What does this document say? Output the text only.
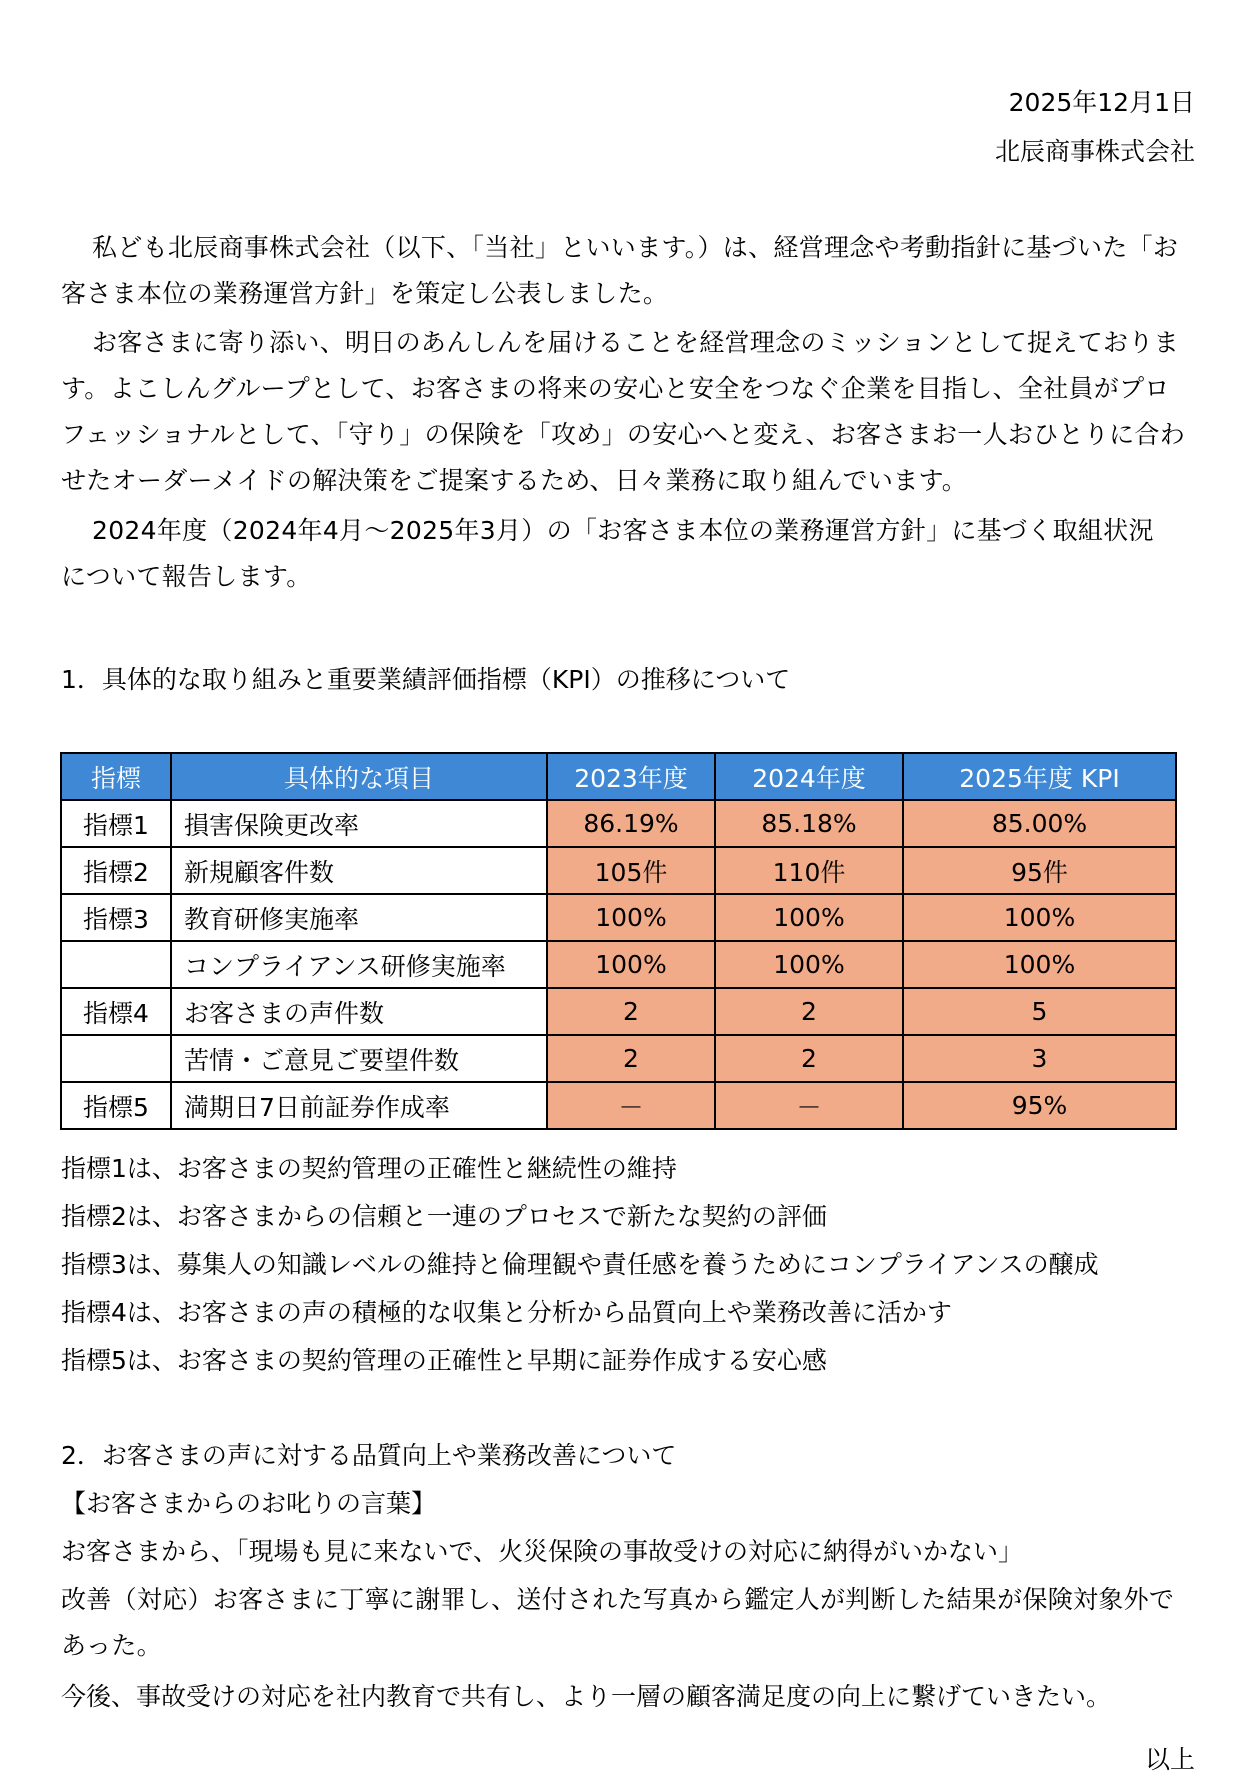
2025年12月1日
北辰商事株式会社
私ども北辰商事株式会社（以下、「当社」といいます。）は、経営理念や考動指針に基づいた「お客さま本位の業務運営方針」を策定し公表しました。
お客さまに寄り添い、明日のあんしんを届けることを経営理念のミッションとして捉えております。よこしんグループとして、お客さまの将来の安心と安全をつなぐ企業を目指し、全社員がプロフェッショナルとして、「守り」の保険を「攻め」の安心へと変え、お客さまお一人おひとりに合わせたオーダーメイドの解決策をご提案するため、日々業務に取り組んでいます。
2024年度（2024年4月～2025年3月）の「お客さま本位の業務運営方針」に基づく取組状況について報告します。
1．具体的な取り組みと重要業績評価指標（KPI）の推移について
指標	具体的な項目	2023年度	2024年度	2025年度 KPI
指標1	損害保険更改率	86.19%	85.18%	85.00%
指標2	新規顧客件数	105件	110件	95件
指標3	教育研修実施率	100%	100%	100%
	コンプライアンス研修実施率	100%	100%	100%
指標4	お客さまの声件数	2	2	5
	苦情・ご意見ご要望件数	2	2	3
指標5	満期日7日前証券作成率	－	－	95%
指標1は、お客さまの契約管理の正確性と継続性の維持
指標2は、お客さまからの信頼と一連のプロセスで新たな契約の評価
指標3は、募集人の知識レベルの維持と倫理観や責任感を養うためにコンプライアンスの醸成
指標4は、お客さまの声の積極的な収集と分析から品質向上や業務改善に活かす
指標5は、お客さまの契約管理の正確性と早期に証券作成する安心感
2．お客さまの声に対する品質向上や業務改善について
【お客さまからのお叱りの言葉】
お客さまから、「現場も見に来ないで、火災保険の事故受けの対応に納得がいかない」
改善（対応）お客さまに丁寧に謝罪し、送付された写真から鑑定人が判断した結果が保険対象外であった。
今後、事故受けの対応を社内教育で共有し、より一層の顧客満足度の向上に繋げていきたい。
以上
